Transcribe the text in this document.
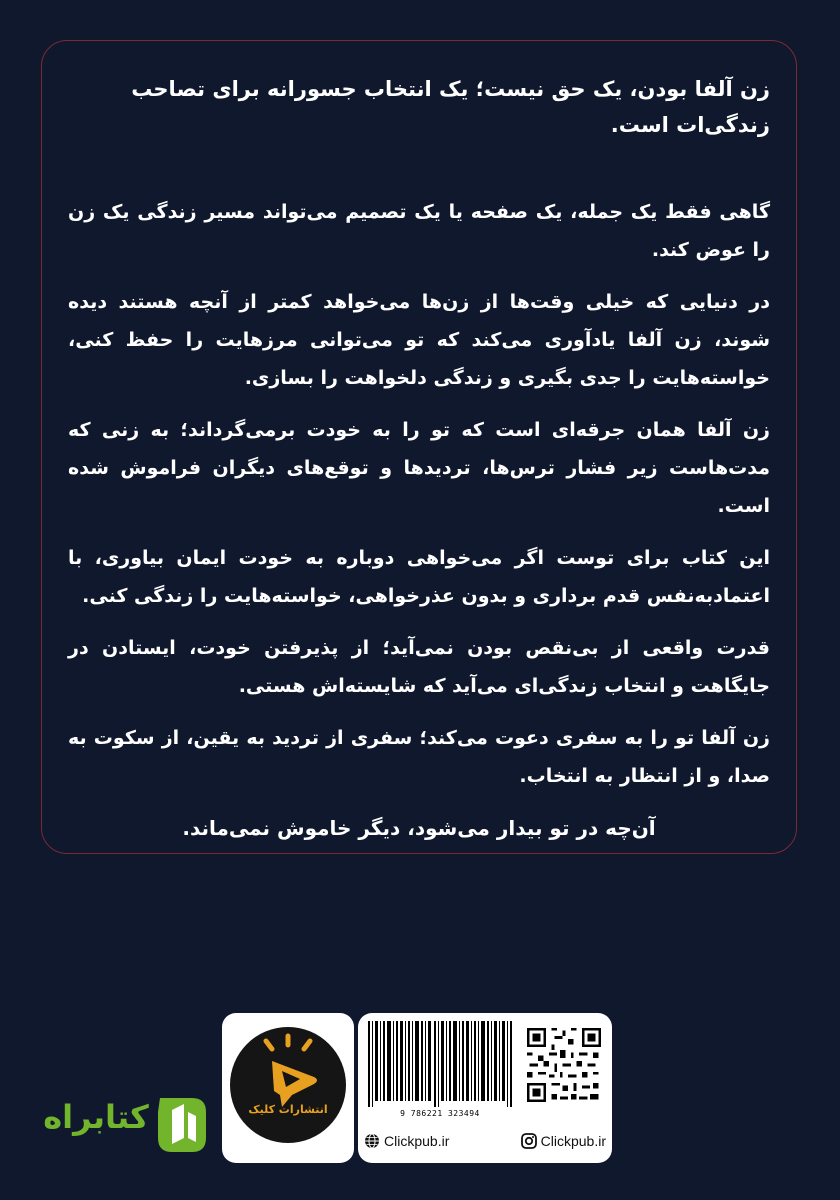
زن آلفا بودن، یک حق نیست؛ یک انتخاب جسورانه برای تصاحب زندگی‌ات است.

گاهی فقط یک جمله، یک صفحه یا یک تصمیم می‌تواند مسیر زندگی یک زن را عوض کند.

در دنیایی که خیلی وقت‌ها از زن‌ها می‌خواهد کمتر از آنچه هستند دیده شوند، زن آلفا یادآوری می‌کند که تو می‌توانی مرزهایت را حفظ کنی، خواسته‌هایت را جدی بگیری و زندگی دلخواهت را بسازی.

زن آلفا همان جرقه‌ای است که تو را به خودت برمی‌گرداند؛ به زنی که مدت‌هاست زیر فشار ترس‌ها، تردیدها و توقع‌های دیگران فراموش شده است.

این کتاب برای توست اگر می‌خواهی دوباره به خودت ایمان بیاوری، با اعتمادبه‌نفس قدم برداری و بدون عذرخواهی، خواسته‌هایت را زندگی کنی.

قدرت واقعی از بی‌نقص بودن نمی‌آید؛ از پذیرفتن خودت، ایستادن در جایگاهت و انتخاب زندگی‌ای می‌آید که شایسته‌اش هستی.

زن آلفا تو را به سفری دعوت می‌کند؛ سفری از تردید به یقین، از سکوت به صدا، و از انتظار به انتخاب.

آن‌چه در تو بیدار می‌شود، دیگر خاموش نمی‌ماند.

انتشارات کلیک	9 786221 323494
Clickpub.ir	Clickpub.ir
کتابراه
